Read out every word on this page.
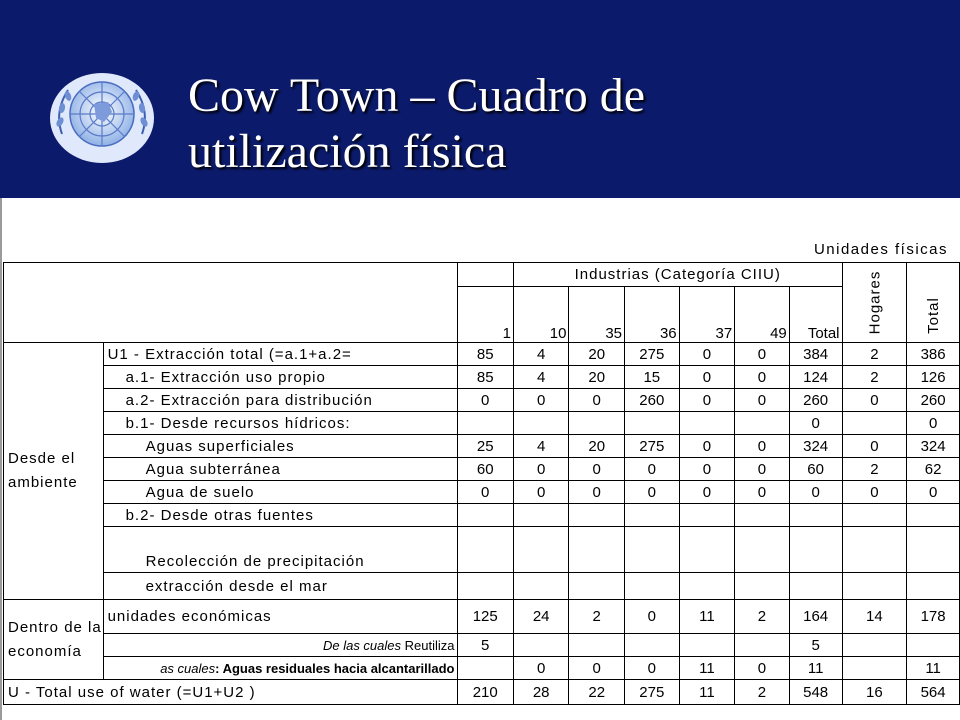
Cow Town – Cuadro de
utilización física
Unidades físicas
			Industrias (Categoría CIIU)						Hogares	Total
		1	10	35	36	37	49	Total		
Desde el ambiente	U1 - Extracción total (=a.1+a.2=	85	4	20	275	0	0	384	2	386
	a.1- Extracción uso propio	85	4	20	15	0	0	124	2	126
	a.2- Extracción para distribución	0	0	0	260	0	0	260	0	260
	b.1- Desde recursos hídricos:							0		0
	Aguas superficiales	25	4	20	275	0	0	324	0	324
	Agua subterránea	60	0	0	0	0	0	60	2	62
	Agua de suelo	0	0	0	0	0	0	0	0	0
	b.2- Desde otras fuentes									
	Recolección de precipitación									
	extracción desde el mar									
Dentro de la economía	unidades económicas	125	24	2	0	11	2	164	14	178
	De las cuales Reutiliza	5						5		
	as cuales: Aguas residuales hacia alcantarillado		0	0	0	11	0	11		11
U - Total use of water (=U1+U2 )		210	28	22	275	11	2	548	16	564
